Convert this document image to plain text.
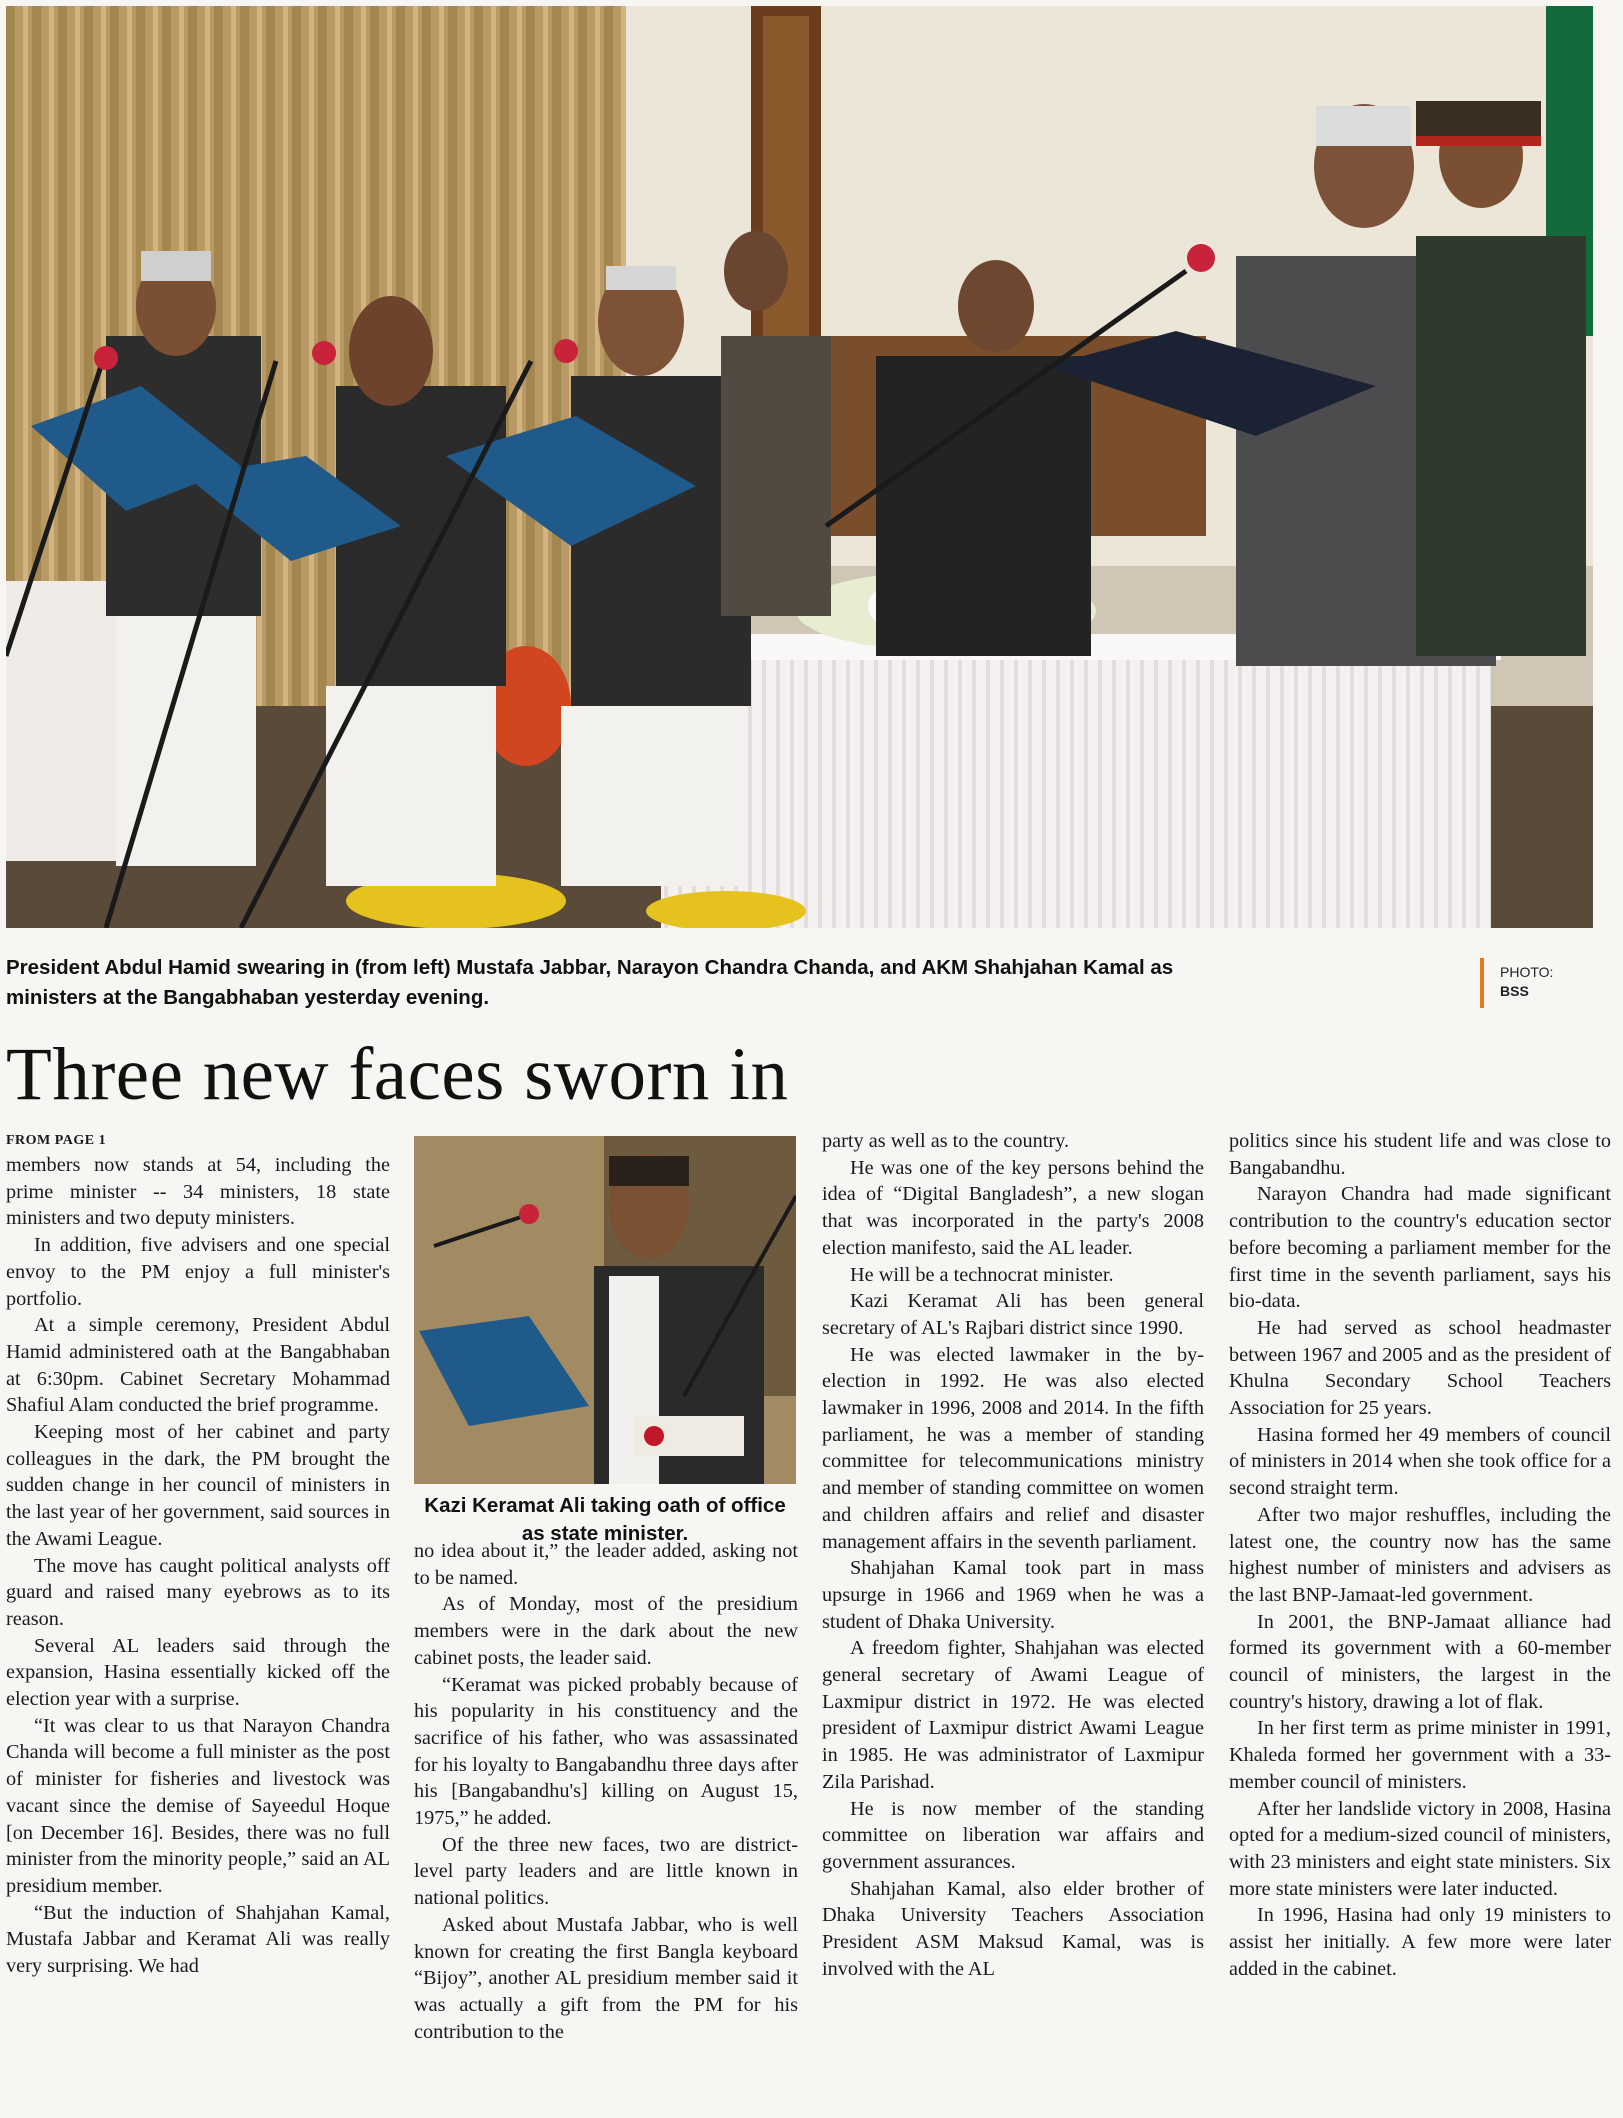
President Abdul Hamid swearing in (from left) Mustafa Jabbar, Narayon Chandra Chanda, and AKM Shahjahan Kamal as ministers at the Bangabhaban yesterday evening.
PHOTO:
BSS
Three new faces sworn in
FROM PAGE 1

members now stands at 54, including the prime minister -- 34 ministers, 18 state ministers and two deputy ministers.

In addition, five advisers and one special envoy to the PM enjoy a full minister's portfolio.

At a simple ceremony, President Abdul Hamid administered oath at the Bangabhaban at 6:30pm. Cabinet Secretary Mohammad Shafiul Alam conducted the brief programme.

Keeping most of her cabinet and party colleagues in the dark, the PM brought the sudden change in her council of ministers in the last year of her government, said sources in the Awami League.

The move has caught political analysts off guard and raised many eyebrows as to its reason.

Several AL leaders said through the expansion, Hasina essentially kicked off the election year with a surprise.

“It was clear to us that Narayon Chandra Chanda will become a full minister as the post of minister for fisheries and livestock was vacant since the demise of Sayeedul Hoque [on December 16]. Besides, there was no full minister from the minority people,” said an AL presidium member.

“But the induction of Shahjahan Kamal, Mustafa Jabbar and Keramat Ali was really very surprising. We had

Kazi Keramat Ali taking oath of office as state minister.

no idea about it,” the leader added, asking not to be named.

As of Monday, most of the presidium members were in the dark about the new cabinet posts, the leader said.

“Keramat was picked probably because of his popularity in his constituency and the sacrifice of his father, who was assassinated for his loyalty to Bangabandhu three days after his [Bangabandhu's] killing on August 15, 1975,” he added.

Of the three new faces, two are district-level party leaders and are little known in national politics.

Asked about Mustafa Jabbar, who is well known for creating the first Bangla keyboard “Bijoy”, another AL presidium member said it was actually a gift from the PM for his contribution to the

party as well as to the country.

He was one of the key persons behind the idea of “Digital Bangladesh”, a new slogan that was incorporated in the party's 2008 election manifesto, said the AL leader.

He will be a technocrat minister.

Kazi Keramat Ali has been general secretary of AL's Rajbari district since 1990.

He was elected lawmaker in the by-election in 1992. He was also elected lawmaker in 1996, 2008 and 2014. In the fifth parliament, he was a member of standing committee for telecommunications ministry and member of standing committee on women and children affairs and relief and disaster management affairs in the seventh parliament.

Shahjahan Kamal took part in mass upsurge in 1966 and 1969 when he was a student of Dhaka University.

A freedom fighter, Shahjahan was elected general secretary of Awami League of Laxmipur district in 1972. He was elected president of Laxmipur district Awami League in 1985. He was administrator of Laxmipur Zila Parishad.

He is now member of the standing committee on liberation war affairs and government assurances.

Shahjahan Kamal, also elder brother of Dhaka University Teachers Association President ASM Maksud Kamal, was is involved with the AL

politics since his student life and was close to Bangabandhu.

Narayon Chandra had made significant contribution to the country's education sector before becoming a parliament member for the first time in the seventh parliament, says his bio-data.

He had served as school headmaster between 1967 and 2005 and as the president of Khulna Secondary School Teachers Association for 25 years.

Hasina formed her 49 members of council of ministers in 2014 when she took office for a second straight term.

After two major reshuffles, including the latest one, the country now has the same highest number of ministers and advisers as the last BNP-Jamaat-led government.

In 2001, the BNP-Jamaat alliance had formed its government with a 60-member council of ministers, the largest in the country's history, drawing a lot of flak.

In her first term as prime minister in 1991, Khaleda formed her government with a 33-member council of ministers.

After her landslide victory in 2008, Hasina opted for a medium-sized council of ministers, with 23 ministers and eight state ministers. Six more state ministers were later inducted.

In 1996, Hasina had only 19 ministers to assist her initially. A few more were later added in the cabinet.
